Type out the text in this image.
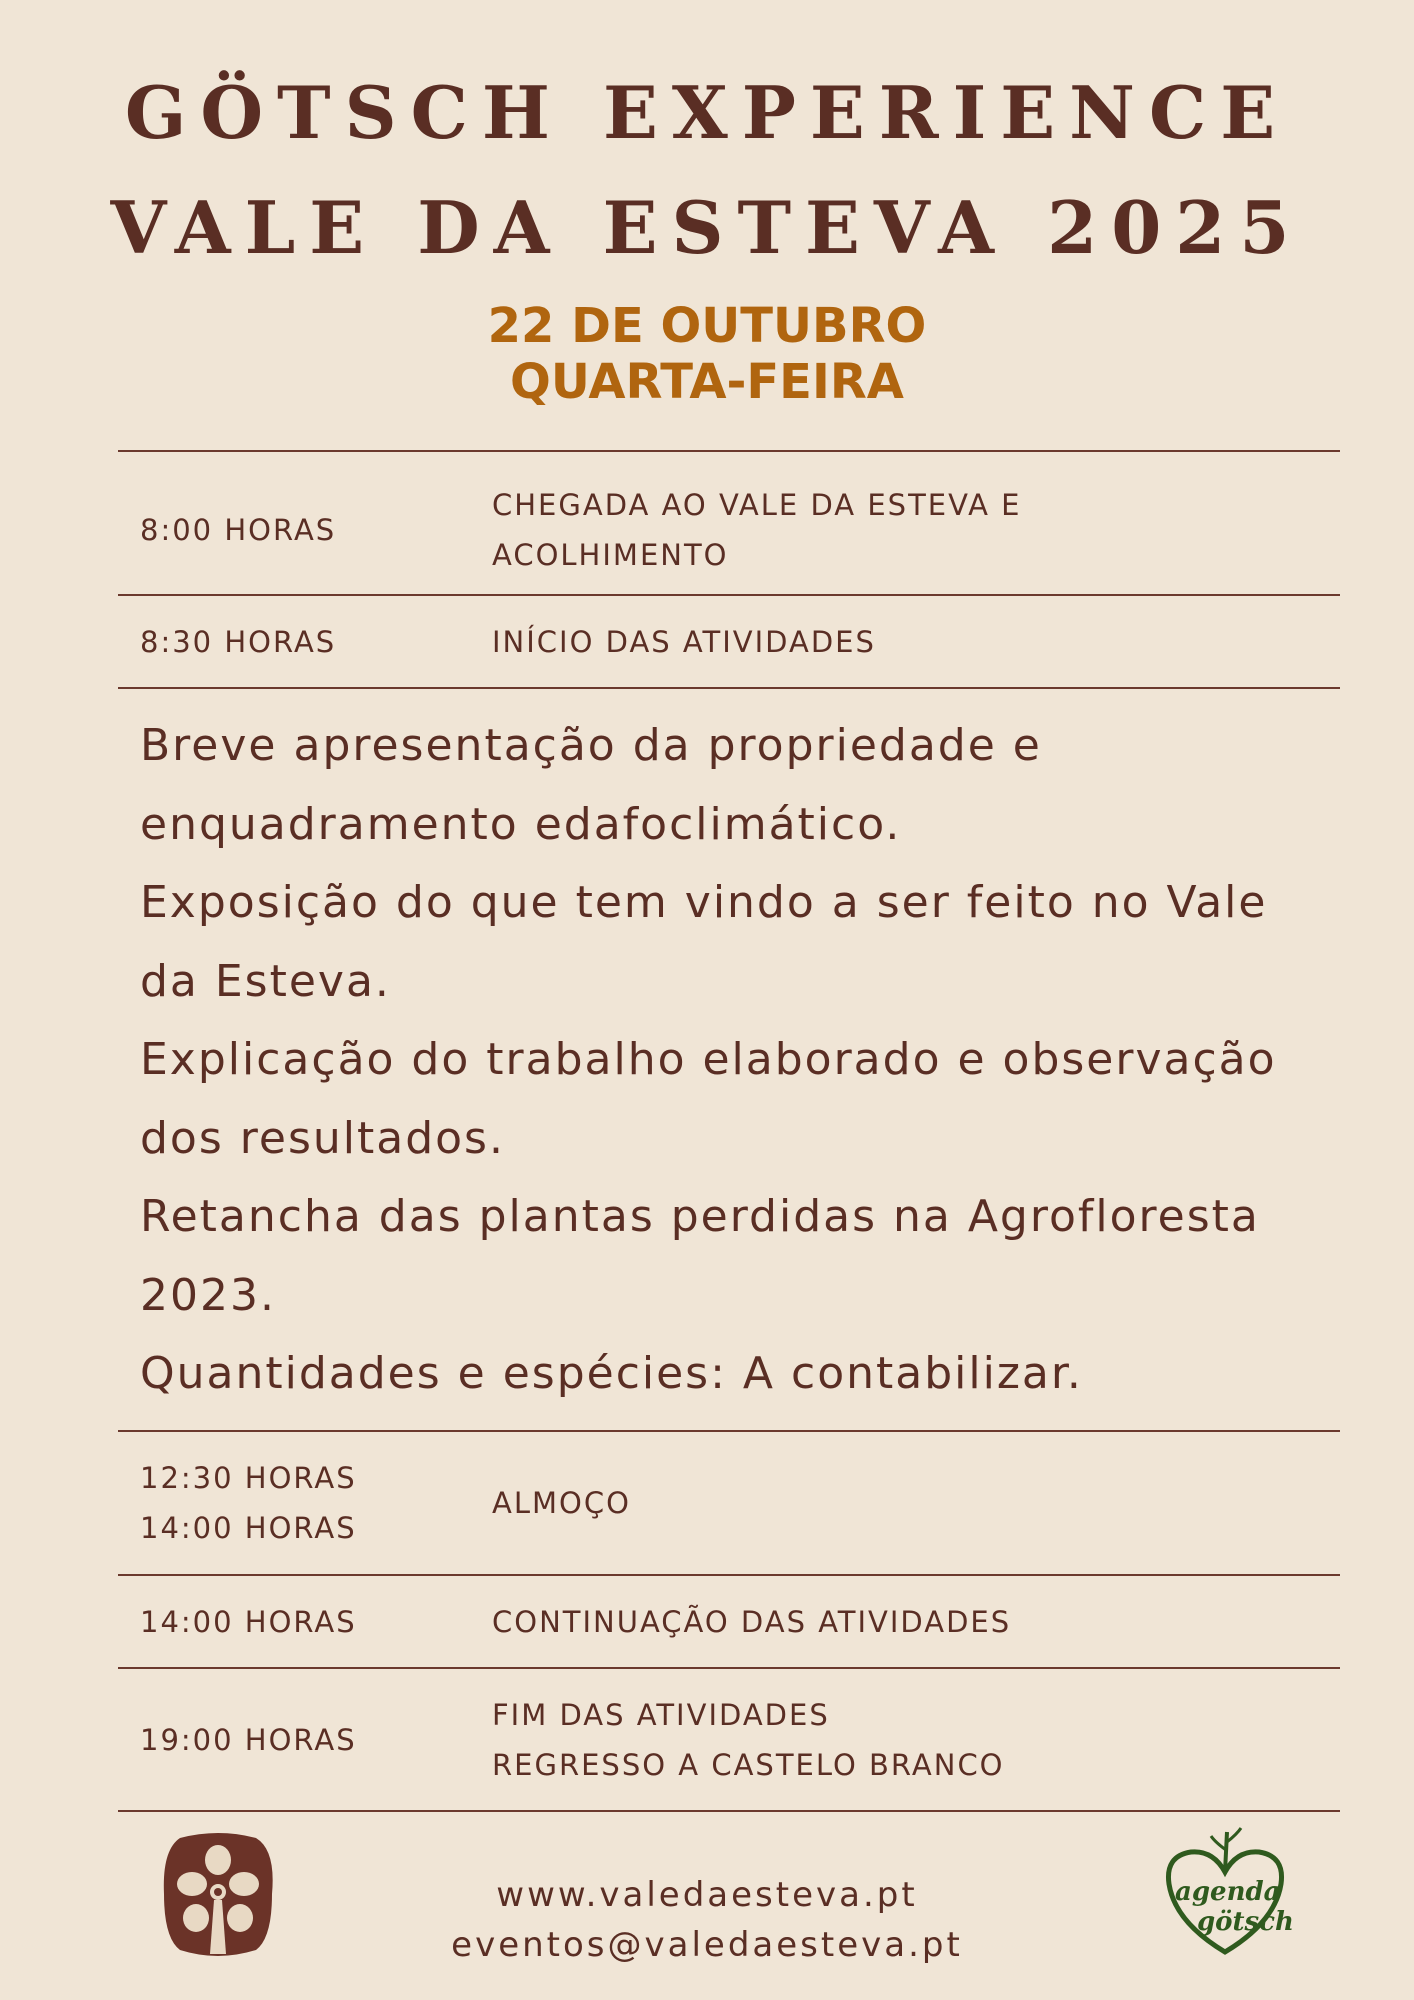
GÖTSCH EXPERIENCE
VALE DA ESTEVA 2025
22 DE OUTUBRO
QUARTA-FEIRA
8:00 HORAS
CHEGADA AO VALE DA ESTEVA E
ACOLHIMENTO
8:30 HORAS	INÍCIO DAS ATIVIDADES
Breve apresentação da propriedade e
enquadramento edafoclimático.
Exposição do que tem vindo a ser feito no Vale
da Esteva.
Explicação do trabalho elaborado e observação
dos resultados.
Retancha das plantas perdidas na Agrofloresta
2023.
Quantidades e espécies: A contabilizar.
12:30 HORAS
14:00 HORAS
ALMOÇO
14:00 HORAS	CONTINUAÇÃO DAS ATIVIDADES
19:00 HORAS
FIM DAS ATIVIDADES
REGRESSO A CASTELO BRANCO
www.valedaesteva.pt
eventos@valedaesteva.pt
agenda
götsch
